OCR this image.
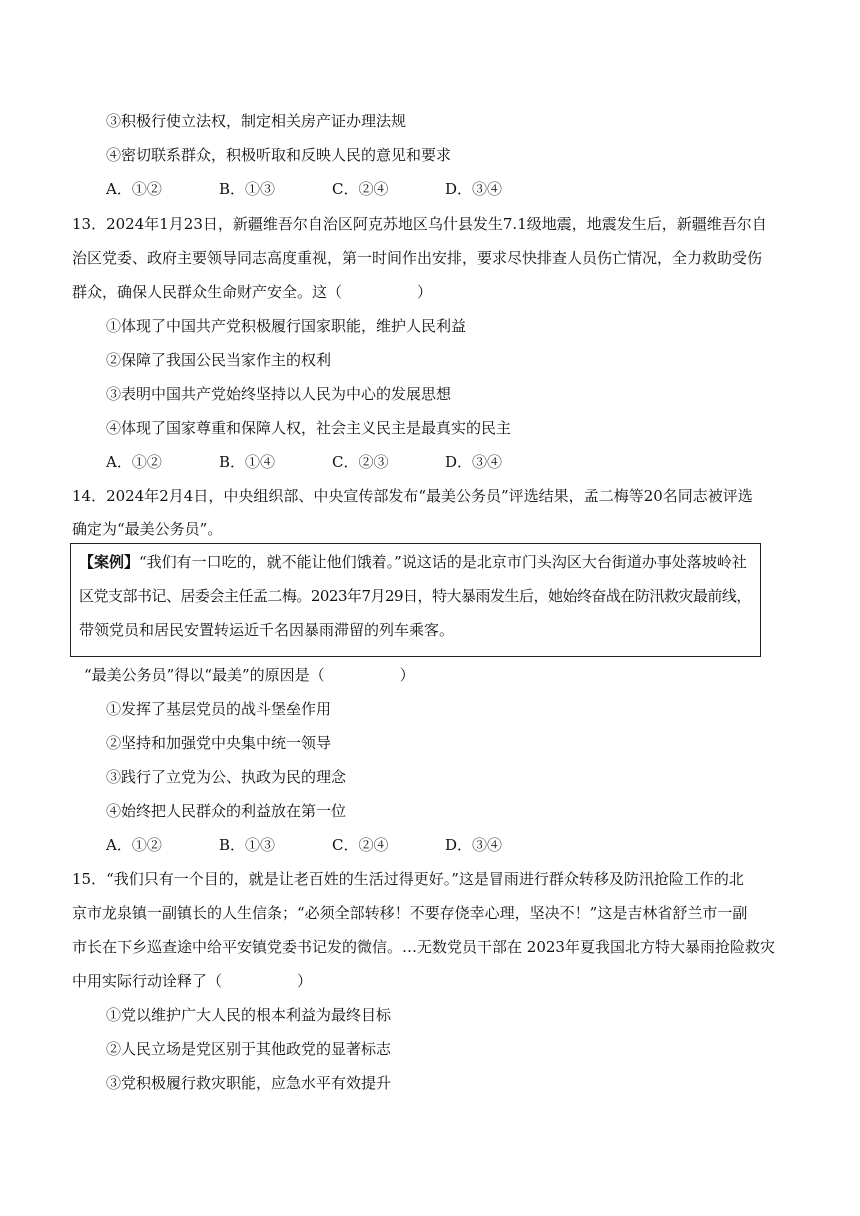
③积极行使立法权，制定相关房产证办理法规
④密切联系群众，积极听取和反映人民的意见和要求
A．①②	B．①③	C．②④	D．③④
13．2024年1月23日，新疆维吾尔自治区阿克苏地区乌什县发生7.1级地震，地震发生后，新疆维吾尔自
治区党委、政府主要领导同志高度重视，第一时间作出安排，要求尽快排查人员伤亡情况，全力救助受伤
群众，确保人民群众生命财产安全。这（　　　　　）
①体现了中国共产党积极履行国家职能，维护人民利益
②保障了我国公民当家作主的权利
③表明中国共产党始终坚持以人民为中心的发展思想
④体现了国家尊重和保障人权，社会主义民主是最真实的民主
A．①②	B．①④	C．②③	D．③④
14．2024年2月4日，中央组织部、中央宣传部发布“最美公务员”评选结果，孟二梅等20名同志被评选
确定为“最美公务员”。
【案例】“我们有一口吃的，就不能让他们饿着。”说这话的是北京市门头沟区大台街道办事处落坡岭社
区党支部书记、居委会主任孟二梅。2023年7月29日，特大暴雨发生后，她始终奋战在防汛救灾最前线，
带领党员和居民安置转运近千名因暴雨滞留的列车乘客。
“最美公务员”得以“最美”的原因是（　　　　　）
①发挥了基层党员的战斗堡垒作用
②坚持和加强党中央集中统一领导
③践行了立党为公、执政为民的理念
④始终把人民群众的利益放在第一位
A．①②	B．①③	C．②④	D．③④
15．“我们只有一个目的，就是让老百姓的生活过得更好。”这是冒雨进行群众转移及防汛抢险工作的北
京市龙泉镇一副镇长的人生信条；“必须全部转移！不要存侥幸心理，坚决不！”这是吉林省舒兰市一副
市长在下乡巡查途中给平安镇党委书记发的微信。…无数党员干部在 2023年夏我国北方特大暴雨抢险救灾
中用实际行动诠释了（　　　　　）
①党以维护广大人民的根本利益为最终目标
②人民立场是党区别于其他政党的显著标志
③党积极履行救灾职能，应急水平有效提升
